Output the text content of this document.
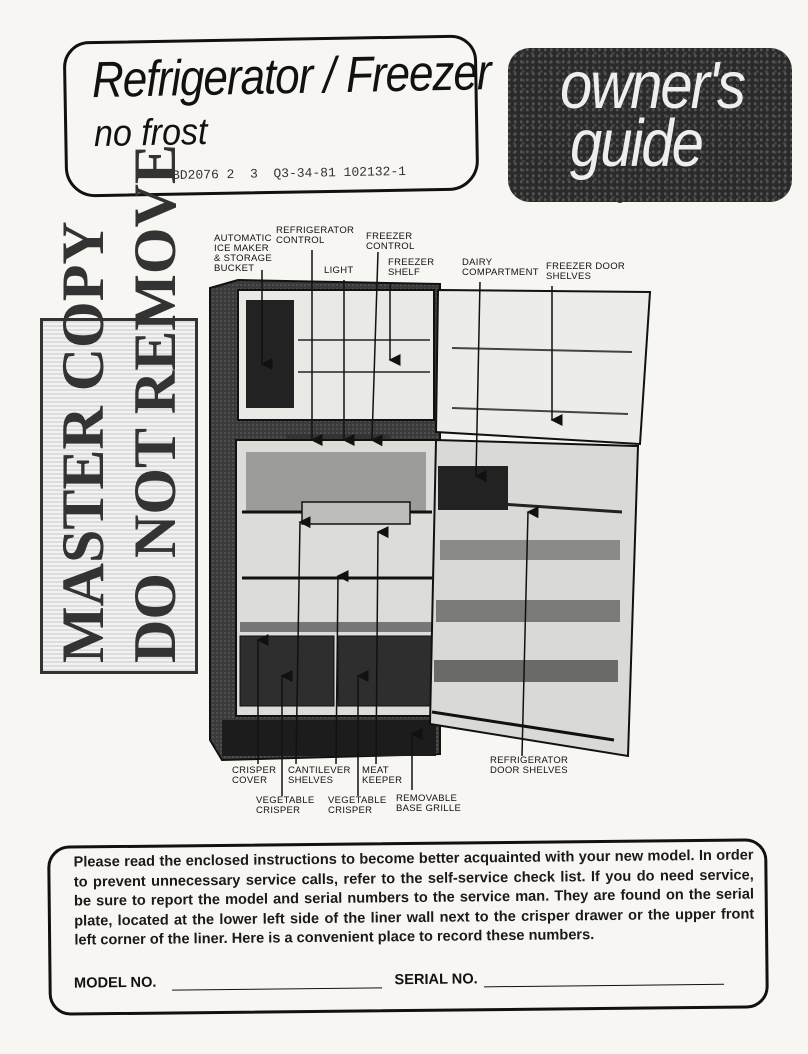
Refrigerator / Freezer
no frost
BD2076 2  3  Q3-34-81 102132-1
owner's
guide
3
MASTER COPY DO NOT REMOVE	AUTOMATIC
ICE MAKER
& STORAGE
BUCKET
REFRIGERATOR
CONTROL
LIGHT
FREEZER
CONTROL
FREEZER
SHELF
DAIRY
COMPARTMENT
FREEZER DOOR
SHELVES
CRISPER
COVER
CANTILEVER
SHELVES
MEAT
KEEPER
VEGETABLE
CRISPER
VEGETABLE
CRISPER
REMOVABLE
BASE GRILLE
REFRIGERATOR
DOOR SHELVES
Please read the enclosed instructions to become better acquainted with your new model. In order to prevent unnecessary service calls, refer to the self-service check list. If you do need service, be sure to report the model and serial numbers to the service man. They are found on the serial plate, located at the lower left side of the liner wall next to the crisper drawer or the upper front left corner of the liner. Here is a convenient place to record these numbers.
MODEL NO.	SERIAL NO.
